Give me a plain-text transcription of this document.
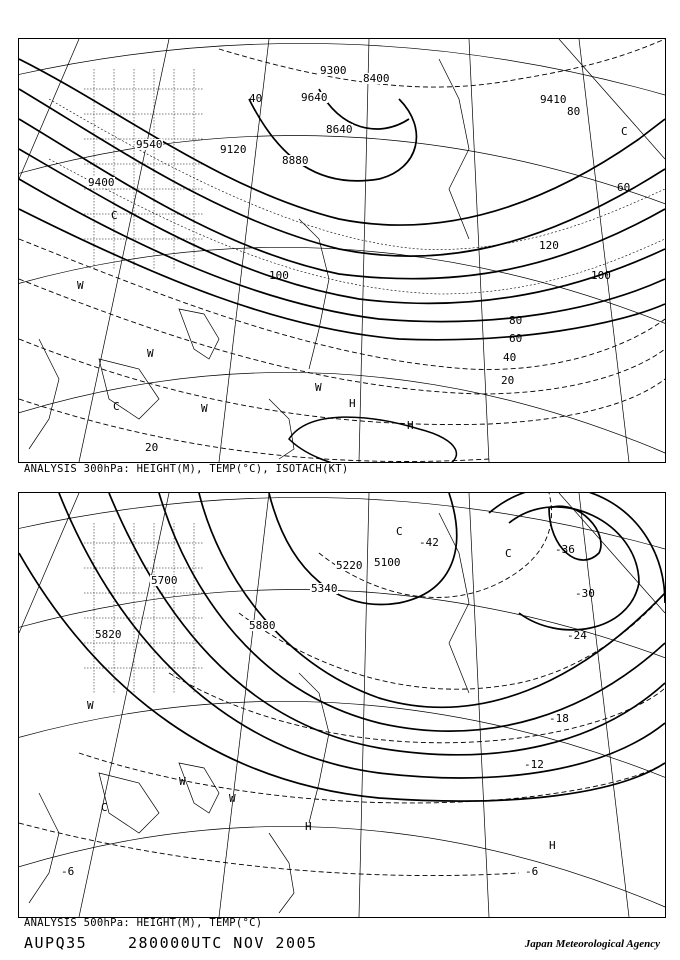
9300
9120
8880
8640
8400
9400
9540
9640	9410
100
80
60
40
20
20
40
80
120
100
60
H
H
W
W
W
W
C
C
C
ANALYSIS 300hPa: HEIGHT(M), TEMP(°C), ISOTACH(KT)
5700
5820
5880
5340
5220 5100
-42
-36
-30
-24
-18
-12
-6
-6
C
C
C
W
W
W
H
H
ANALYSIS 500hPa: HEIGHT(M), TEMP(°C)
AUPQ35	280000UTC NOV 2005	Japan Meteorological Agency
